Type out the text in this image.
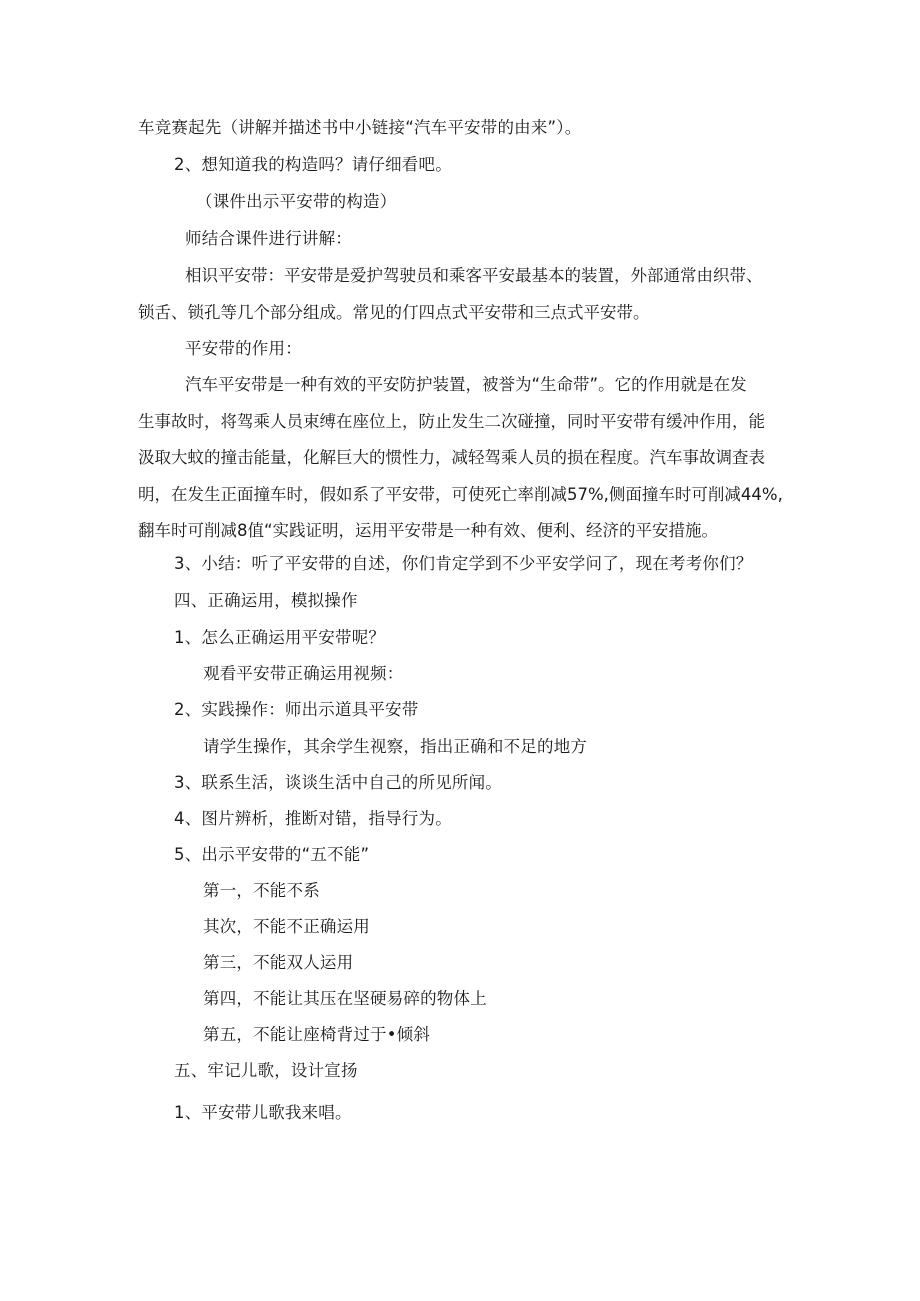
车竞赛起先（讲解并描述书中小链接“汽车平安带的由来”）。
2、想知道我的构造吗？请仔细看吧。
（课件出示平安带的构造）
师结合课件进行讲解：
相识平安带：平安带是爱护驾驶员和乘客平安最基本的装置，外部通常由织带、
锁舌、锁孔等几个部分组成。常见的仃四点式平安带和三点式平安带。
平安带的作用：
汽车平安带是一种有效的平安防护装置，被誉为“生命带”。它的作用就是在发
生事故时，将驾乘人员束缚在座位上，防止发生二次碰撞，同时平安带有缓冲作用，能
汲取大蚊的撞击能量，化解巨大的惯性力，减轻驾乘人员的损在程度。汽车事故调査表
明，在发生正面撞车时，假如系了平安带，可使死亡率削减57%,侧面撞车时可削减44%,
翻车时可削减8值“实践证明，运用平安带是一种有效、便利、经济的平安措施。
3、小结：听了平安带的自述，你们肯定学到不少平安学问了，现在考考你们？
四、正确运用，模拟操作
1、怎么正确运用平安带呢？
观看平安带正确运用视频：
2、实践操作：师出示道具平安带
请学生操作，其余学生视察，指出正确和不足的地方
3、联系生活，谈谈生活中自己的所见所闻。
4、图片辨析，推断对错，指导行为。
5、出示平安带的“五不能”
第一，不能不系
其次，不能不正确运用
第三，不能双人运用
第四，不能让其压在坚硬易碎的物体上
第五，不能让座椅背过于•倾斜
五、牢记儿歌，设计宣扬
1、平安带儿歌我来唱。
